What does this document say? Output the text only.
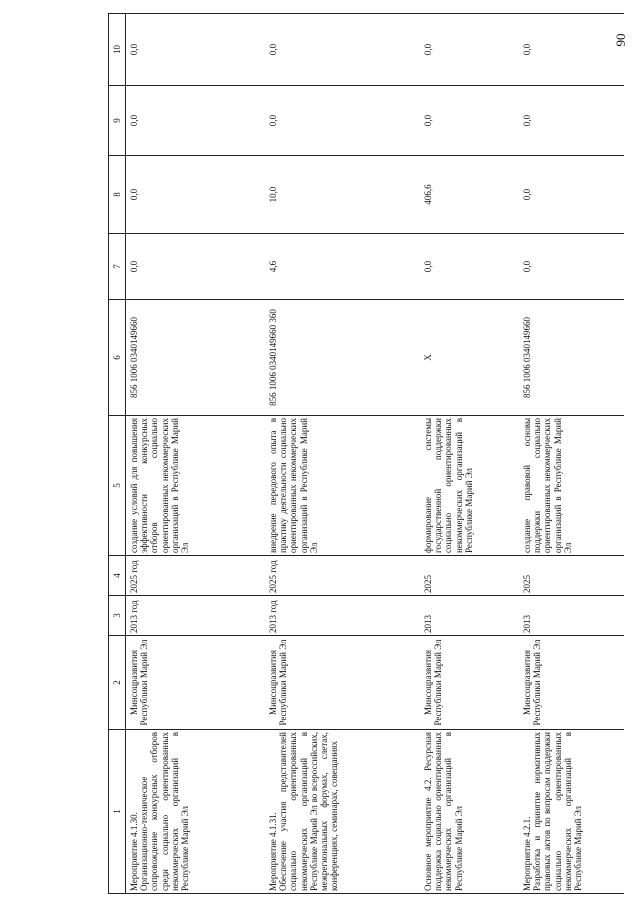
90
1	2	3	4	5	6	7	8	9	10
Мероприятие 4.1.30.
Организационно-техническое сопровождение конкурсных отборов среди социально ориентированных некоммерческих организаций в Республике Марий Эл	Минсоцразвития Республики Марий Эл	2013 год	2025 год	создание условий для повышения эффективности конкурсных отборов социально ориентированных некоммерческих организаций в Республике Марий Эл	856 1006 0340149660	0,0	0,0	0,0	0,0
Мероприятие 4.1.31.
Обеспечение участия представителей социально ориентированных некоммерческих организаций в Республике Марий Эл во всероссийских, межрегиональных форумах, слетах, конференциях, семинарах, совещаниях	Минсоцразвития Республики Марий Эл	2013 год	2025 год	внедрение передового опыта в практику деятельности социально ориентированных некоммерческих организаций в Республике Марий Эл	856 1006 0340149660 360	4,6	10,0	0,0	0,0
Основное мероприятие 4.2. Ресурсная поддержка социально ориентированных некоммерческих организаций в Республике Марий Эл	Минсоцразвития Республики Марий Эл	2013	2025	формирование системы государственной поддержки социально ориентированных некоммерческих организаций в Республике Марий Эл	X	0,0	406,6	0,0	0,0
Мероприятие 4.2.1.
Разработка и принятие нормативных правовых актов по вопросам поддержки социально ориентированных некоммерческих организаций в Республике Марий Эл	Минсоцразвития Республики Марий Эл	2013	2025	создание правовой основы поддержки социально ориентированных некоммерческих организаций в Республике Марий Эл	856 1006 0340149660	0,0	0,0	0,0	0,0
